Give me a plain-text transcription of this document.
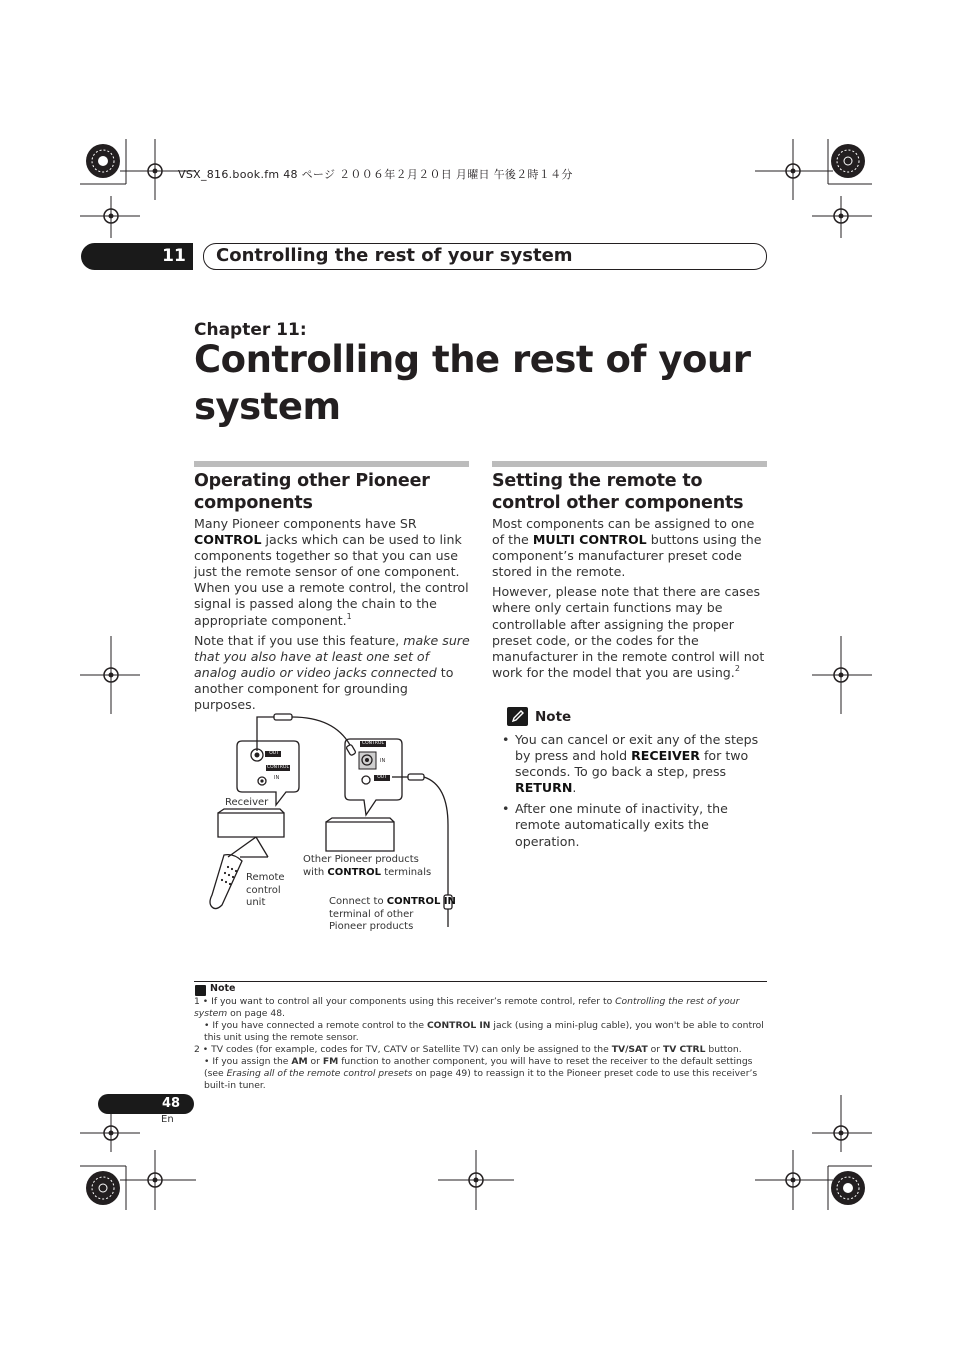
VSX_816.book.fm 48 ページ ２００６年２月２０日 月曜日 午後２時１４分
11	Controlling the rest of your system
Chapter 11:
Controlling the rest of your system
Operating other Pioneer components

Many Pioneer components have SR CONTROL jacks which can be used to link components together so that you can use just the remote sensor of one component. When you use a remote control, the control signal is passed along the chain to the appropriate component.$^1$

Note that if you use this feature, make sure that you also have at least one set of analog audio or video jacks connected to another component for grounding purposes.

Setting the remote to control other components

Most components can be assigned to one of the MULTI CONTROL buttons using the component’s manufacturer preset code stored in the remote.

However, please note that there are cases where only certain functions may be controllable after assigning the proper preset code, or the codes for the manufacturer in the remote control will not work for the model that you are using.$^2$

Note
• You can cancel or exit any of the steps by press and hold RECEIVER for two seconds. To go back a step, press RETURN.
• After one minute of inactivity, the remote automatically exits the operation.
OUT
CONTROL
IN
CONTROL
IN
OUT
Receiver
Remote
control
unit
Other Pioneer products
with CONTROL terminals
Connect to CONTROL IN
terminal of other
Pioneer products
Note

1 • If you want to control all your components using this receiver’s remote control, refer to Controlling the rest of your system on page 48.

• If you have connected a remote control to the CONTROL IN jack (using a mini-plug cable), you won't be able to control this unit using the remote sensor.

2 • TV codes (for example, codes for TV, CATV or Satellite TV) can only be assigned to the TV/SAT or TV CTRL button.

• If you assign the AM or FM function to another component, you will have to reset the receiver to the default settings (see Erasing all of the remote control presets on page 49) to reassign it to the Pioneer preset code to use this receiver’s built-in tuner.

48
En
